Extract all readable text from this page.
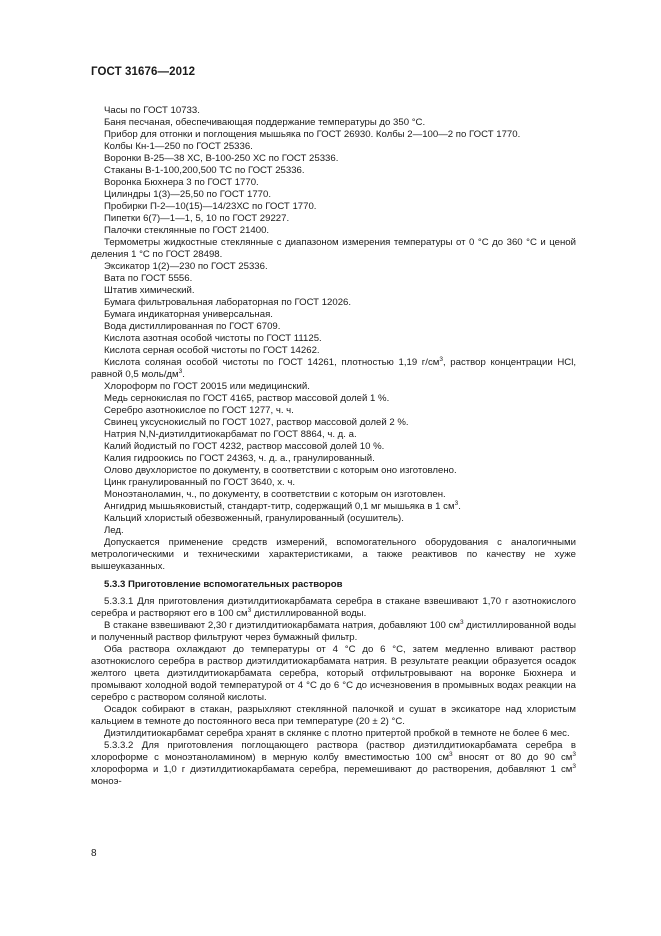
ГОСТ 31676—2012

Часы по ГОСТ 10733.

Баня песчаная, обеспечивающая поддержание температуры до 350 °С.

Прибор для отгонки и поглощения мышьяка по ГОСТ 26930. Колбы 2—100—2 по ГОСТ 1770.

Колбы Кн-1—250 по ГОСТ 25336.

Воронки В-25—38 ХС, В-100-250 ХС по ГОСТ 25336.

Стаканы В-1-100,200,500 ТС по ГОСТ 25336.

Воронка Бюхнера 3 по ГОСТ 1770.

Цилиндры 1(3)—25,50 по ГОСТ 1770.

Пробирки П-2—10(15)—14/23ХС по ГОСТ 1770.

Пипетки 6(7)—1—1, 5, 10 по ГОСТ 29227.

Палочки стеклянные по ГОСТ 21400.

Термометры жидкостные стеклянные с диапазоном измерения температуры от 0 °С до 360 °С и ценой деления 1 °С по ГОСТ 28498.

Эксикатор 1(2)—230 по ГОСТ 25336.

Вата по ГОСТ 5556.

Штатив химический.

Бумага фильтровальная лабораторная по ГОСТ 12026.

Бумага индикаторная универсальная.

Вода дистиллированная по ГОСТ 6709.

Кислота азотная особой чистоты по ГОСТ 11125.

Кислота серная особой чистоты по ГОСТ 14262.

Кислота соляная особой чистоты по ГОСТ 14261, плотностью 1,19 $г/см^3$, раствор концентрации HCl, равной 0,5 моль/$дм^3$.

Хлороформ по ГОСТ 20015 или медицинский.

Медь сернокислая по ГОСТ 4165, раствор массовой долей 1 %.

Серебро азотнокислое по ГОСТ 1277, ч. ч.

Свинец уксуснокислый по ГОСТ 1027, раствор массовой долей 2 %.

Натрия N,N-диэтилдитиокарбамат по ГОСТ 8864, ч. д. а.

Калий йодистый по ГОСТ 4232, раствор массовой долей 10 %.

Калия гидроокись по ГОСТ 24363, ч. д. а., гранулированный.

Олово двухлористое по документу, в соответствии с которым оно изготовлено.

Цинк гранулированный по ГОСТ 3640, х. ч.

Моноэтаноламин, ч., по документу, в соответствии с которым он изготовлен.

Ангидрид мышьяковистый, стандарт-титр, содержащий 0,1 мг мышьяка в 1 $см^3$.

Кальций хлористый обезвоженный, гранулированный (осушитель).

Лед.

Допускается применение средств измерений, вспомогательного оборудования с аналогичными метрологическими и техническими характеристиками, а также реактивов по качеству не хуже вышеуказанных.

5.3.3 Приготовление вспомогательных растворов

5.3.3.1 Для приготовления диэтилдитиокарбамата серебра в стакане взвешивают 1,70 г азотнокислого серебра и растворяют его в 100 $см^3$ дистиллированной воды.

В стакане взвешивают 2,30 г диэтилдитиокарбамата натрия, добавляют 100 $см^3$ дистиллированной воды и полученный раствор фильтруют через бумажный фильтр.

Оба раствора охлаждают до температуры от 4 °С до 6 °С, затем медленно вливают раствор азотнокислого серебра в раствор диэтилдитиокарбамата натрия. В результате реакции образуется осадок желтого цвета диэтилдитиокарбамата серебра, который отфильтровывают на воронке Бюхнера и промывают холодной водой температурой от 4 °С до 6 °С до исчезновения в промывных водах реакции на серебро с раствором соляной кислоты.

Осадок собирают в стакан, разрыхляют стеклянной палочкой и сушат в эксикаторе над хлористым кальцием в темноте до постоянного веса при температуре (20 ± 2) °С.

Диэтилдитиокарбамат серебра хранят в склянке с плотно притертой пробкой в темноте не более 6 мес.

5.3.3.2 Для приготовления поглощающего раствора (раствор диэтилдитиокарбамата серебра в хлороформе с моноэтаноламином) в мерную колбу вместимостью 100 $см^3$ вносят от 80 до 90 $см^3$ хлороформа и 1,0 г диэтилдитиокарбамата серебра, перемешивают до растворения, добавляют 1 $см^3$ моноэ-

8
